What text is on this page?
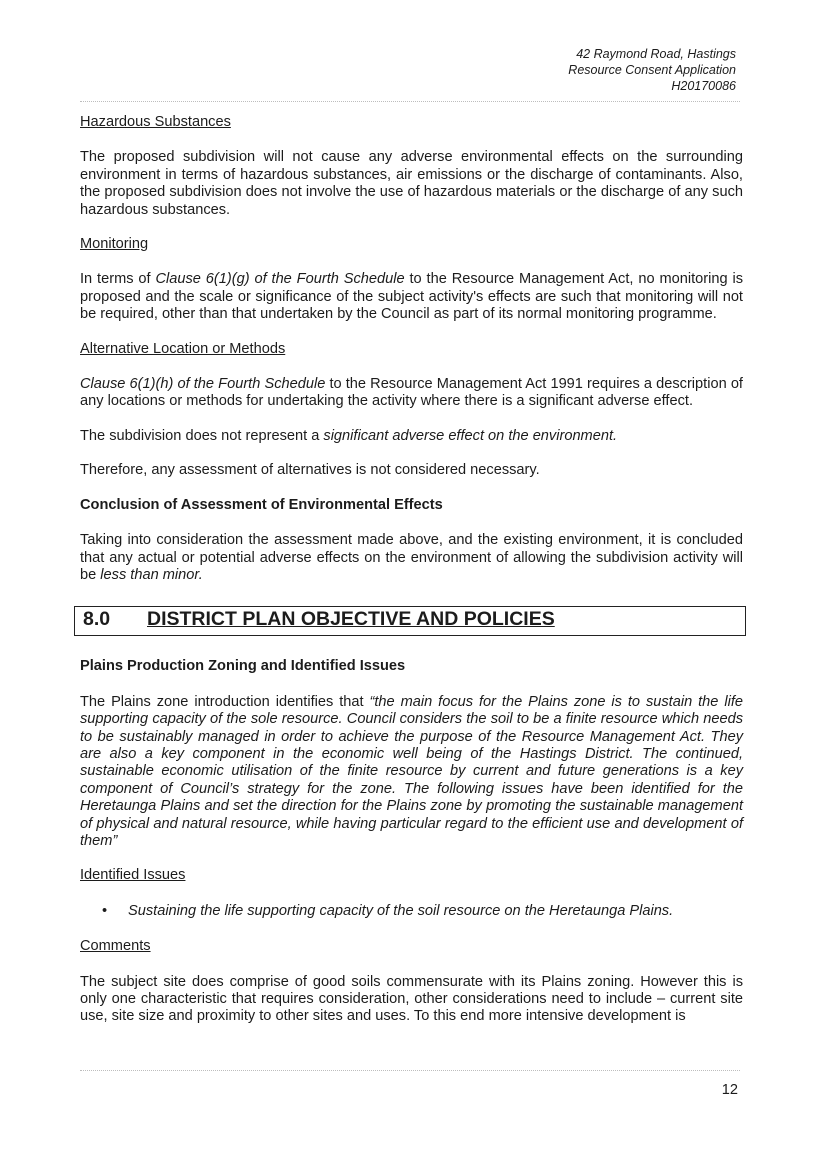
42 Raymond Road, Hastings
Resource Consent Application
H20170086
Hazardous Substances

The proposed subdivision will not cause any adverse environmental effects on the surrounding environment in terms of hazardous substances, air emissions or the discharge of contaminants. Also, the proposed subdivision does not involve the use of hazardous materials or the discharge of any such hazardous substances.

Monitoring

In terms of Clause 6(1)(g) of the Fourth Schedule to the Resource Management Act, no monitoring is proposed and the scale or significance of the subject activity's effects are such that monitoring will not be required, other than that undertaken by the Council as part of its normal monitoring programme.

Alternative Location or Methods

Clause 6(1)(h) of the Fourth Schedule to the Resource Management Act 1991 requires a description of any locations or methods for undertaking the activity where there is a significant adverse effect.

The subdivision does not represent a significant adverse effect on the environment.

Therefore, any assessment of alternatives is not considered necessary.

Conclusion of Assessment of Environmental Effects

Taking into consideration the assessment made above, and the existing environment, it is concluded that any actual or potential adverse effects on the environment of allowing the subdivision activity will be less than minor.

8.0 DISTRICT PLAN OBJECTIVE AND POLICIES
Plains Production Zoning and Identified Issues

The Plains zone introduction identifies that “the main focus for the Plains zone is to sustain the life supporting capacity of the sole resource. Council considers the soil to be a finite resource which needs to be sustainably managed in order to achieve the purpose of the Resource Management Act. They are also a key component in the economic well being of the Hastings District. The continued, sustainable economic utilisation of the finite resource by current and future generations is a key component of Council’s strategy for the zone. The following issues have been identified for the Heretaunga Plains and set the direction for the Plains zone by promoting the sustainable management of physical and natural resource, while having particular regard to the efficient use and development of them”

Identified Issues
• Sustaining the life supporting capacity of the soil resource on the Heretaunga Plains.
Comments

The subject site does comprise of good soils commensurate with its Plains zoning. However this is only one characteristic that requires consideration, other considerations need to include – current site use, site size and proximity to other sites and uses. To this end more intensive development is

12
